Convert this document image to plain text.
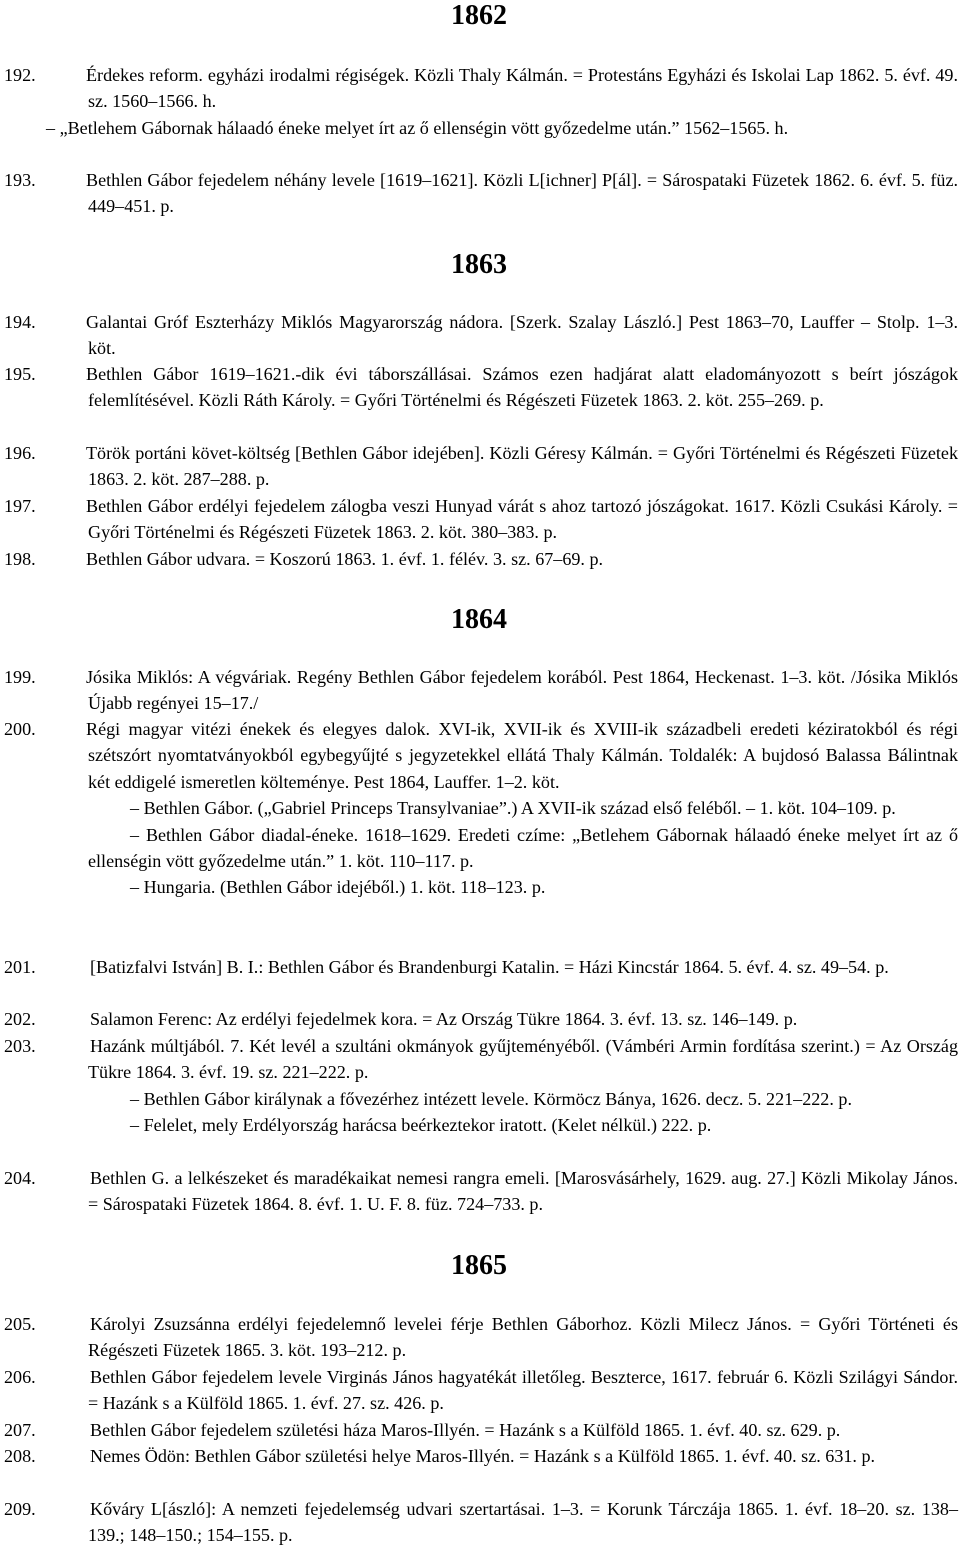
1862
192.	Érdekes reform. egyházi irodalmi régiségek. Közli Thaly Kálmán. = Protestáns Egyházi és Iskolai Lap 1862. 5. évf. 49. sz. 1560–1566. h.
– „Betlehem Gábornak hálaadó éneke melyet írt az ő ellenségin vött győzedelme után.” 1562–1565. h.
193.	Bethlen Gábor fejedelem néhány levele [1619–1621]. Közli L[ichner] P[ál]. = Sárospataki Füzetek 1862. 6. évf. 5. füz. 449–451. p.
1863
194.	Galantai Gróf Eszterházy Miklós Magyarország nádora. [Szerk. Szalay László.] Pest 1863–70, Lauffer – Stolp. 1–3. köt.
195.	Bethlen Gábor 1619–1621.-dik évi táborszállásai. Számos ezen hadjárat alatt eladományozott s beírt jószágok felemlítésével. Közli Ráth Károly. = Győri Történelmi és Régészeti Füzetek 1863. 2. köt. 255–269. p.
196.	Török portáni követ-költség [Bethlen Gábor idejében]. Közli Géresy Kálmán. = Győri Történelmi és Régészeti Füzetek 1863. 2. köt. 287–288. p.
197.	Bethlen Gábor erdélyi fejedelem zálogba veszi Hunyad várát s ahoz tartozó jószágokat. 1617. Közli Csukási Károly. = Győri Történelmi és Régészeti Füzetek 1863. 2. köt. 380–383. p.
198.	Bethlen Gábor udvara. = Koszorú 1863. 1. évf. 1. félév. 3. sz. 67–69. p.
1864
199.	Jósika Miklós: A végváriak. Regény Bethlen Gábor fejedelem korából. Pest 1864, Heckenast. 1–3. köt. /Jósika Miklós Újabb regényei 15–17./
200.	Régi magyar vitézi énekek és elegyes dalok. XVI-ik, XVII-ik és XVIII-ik századbeli eredeti kéziratokból és régi szétszórt nyomtatványokból egybegyűjté s jegyzetekkel ellátá Thaly Kálmán. Toldalék: A bujdosó Balassa Bálintnak két eddigelé ismeretlen költeménye. Pest 1864, Lauffer. 1–2. köt.
– Bethlen Gábor. („Gabriel Princeps Transylvaniae”.) A XVII-ik század első feléből. – 1. köt. 104–109. p.
– Bethlen Gábor diadal-éneke. 1618–1629. Eredeti czíme: „Betlehem Gábornak hálaadó éneke melyet írt az ő ellenségin vött győzedelme után.” 1. köt. 110–117. p.
– Hungaria. (Bethlen Gábor idejéből.) 1. köt. 118–123. p.
201.	[Batizfalvi István] B. I.: Bethlen Gábor és Brandenburgi Katalin. = Házi Kincstár 1864. 5. évf. 4. sz. 49–54. p.
202.	Salamon Ferenc: Az erdélyi fejedelmek kora. = Az Ország Tükre 1864. 3. évf. 13. sz. 146–149. p.
203.	Hazánk múltjából. 7. Két levél a szultáni okmányok gyűjteményéből. (Vámbéri Armin fordítása szerint.) = Az Ország Tükre 1864. 3. évf. 19. sz. 221–222. p.
– Bethlen Gábor királynak a fővezérhez intézett levele. Körmöcz Bánya, 1626. decz. 5. 221–222. p.
– Felelet, mely Erdélyország harácsa beérkeztekor iratott. (Kelet nélkül.) 222. p.
204.	Bethlen G. a lelkészeket és maradékaikat nemesi rangra emeli. [Marosvásárhely, 1629. aug. 27.] Közli Mikolay János. = Sárospataki Füzetek 1864. 8. évf. 1. U. F. 8. füz. 724–733. p.
1865
205.	Károlyi Zsuzsánna erdélyi fejedelemnő levelei férje Bethlen Gáborhoz. Közli Milecz János. = Győri Történeti és Régészeti Füzetek 1865. 3. köt. 193–212. p.
206.	Bethlen Gábor fejedelem levele Virginás János hagyatékát illetőleg. Beszterce, 1617. február 6. Közli Szilágyi Sándor. = Hazánk s a Külföld 1865. 1. évf. 27. sz. 426. p.
207.	Bethlen Gábor fejedelem születési háza Maros-Illyén. = Hazánk s a Külföld 1865. 1. évf. 40. sz. 629. p.
208.	Nemes Ödön: Bethlen Gábor születési helye Maros-Illyén. = Hazánk s a Külföld 1865. 1. évf. 40. sz. 631. p.
209.	Kőváry L[ászló]: A nemzeti fejedelemség udvari szertartásai. 1–3. = Korunk Tárczája 1865. 1. évf. 18–20. sz. 138–139.; 148–150.; 154–155. p.
